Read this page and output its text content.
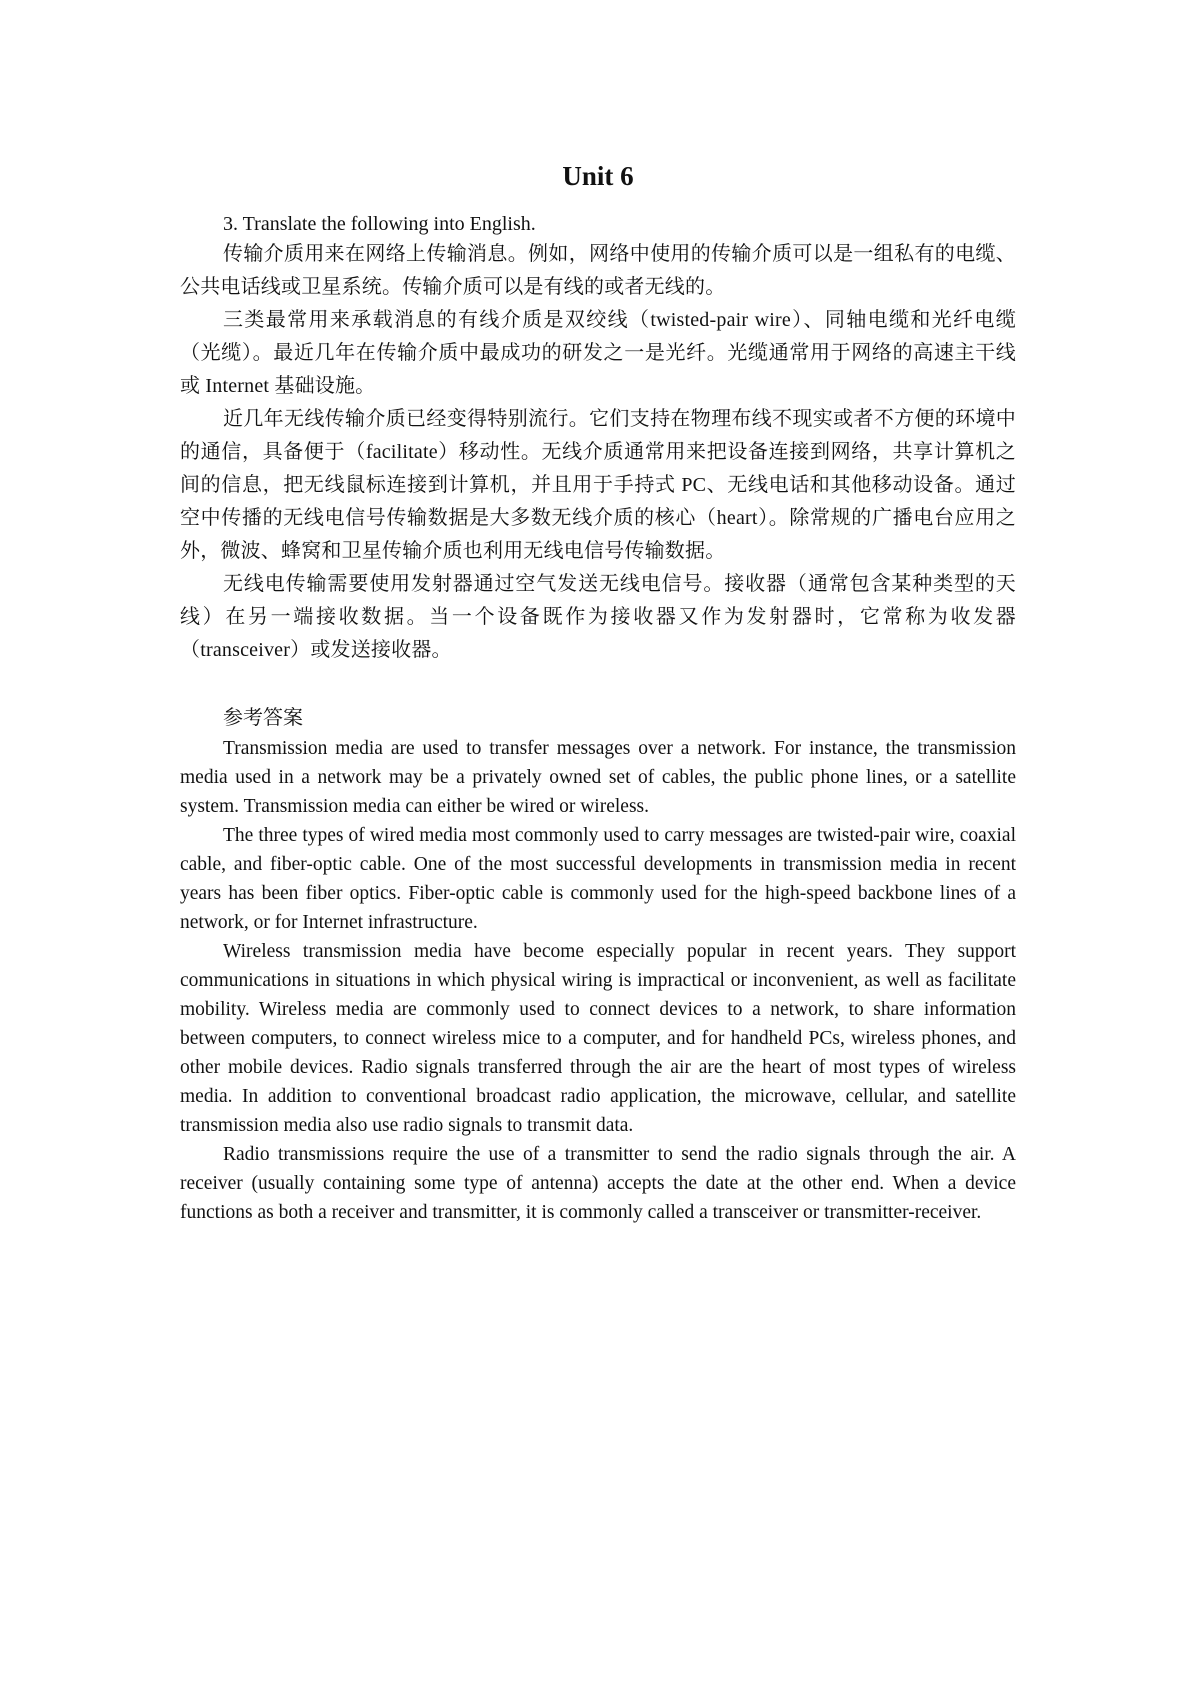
Unit 6

3. Translate the following into English.

传输介质用来在网络上传输消息。例如，网络中使用的传输介质可以是一组私有的电缆、公共电话线或卫星系统。传输介质可以是有线的或者无线的。

三类最常用来承载消息的有线介质是双绞线（twisted-pair wire）、同轴电缆和光纤电缆（光缆）。最近几年在传输介质中最成功的研发之一是光纤。光缆通常用于网络的高速主干线或 Internet 基础设施。

近几年无线传输介质已经变得特别流行。它们支持在物理布线不现实或者不方便的环境中的通信，具备便于（facilitate）移动性。无线介质通常用来把设备连接到网络，共享计算机之间的信息，把无线鼠标连接到计算机，并且用于手持式 PC、无线电话和其他移动设备。通过空中传播的无线电信号传输数据是大多数无线介质的核心（heart）。除常规的广播电台应用之外，微波、蜂窝和卫星传输介质也利用无线电信号传输数据。

无线电传输需要使用发射器通过空气发送无线电信号。接收器（通常包含某种类型的天线）在另一端接收数据。当一个设备既作为接收器又作为发射器时，它常称为收发器（transceiver）或发送接收器。

参考答案

Transmission media are used to transfer messages over a network. For instance, the transmission media used in a network may be a privately owned set of cables, the public phone lines, or a satellite system. Transmission media can either be wired or wireless.

The three types of wired media most commonly used to carry messages are twisted-pair wire, coaxial cable, and fiber-optic cable. One of the most successful developments in transmission media in recent years has been fiber optics. Fiber-optic cable is commonly used for the high-speed backbone lines of a network, or for Internet infrastructure.

Wireless transmission media have become especially popular in recent years. They support communications in situations in which physical wiring is impractical or inconvenient, as well as facilitate mobility. Wireless media are commonly used to connect devices to a network, to share information between computers, to connect wireless mice to a computer, and for handheld PCs, wireless phones, and other mobile devices. Radio signals transferred through the air are the heart of most types of wireless media. In addition to conventional broadcast radio application, the microwave, cellular, and satellite transmission media also use radio signals to transmit data.

Radio transmissions require the use of a transmitter to send the radio signals through the air. A receiver (usually containing some type of antenna) accepts the date at the other end. When a device functions as both a receiver and transmitter, it is commonly called a transceiver or transmitter-receiver.
